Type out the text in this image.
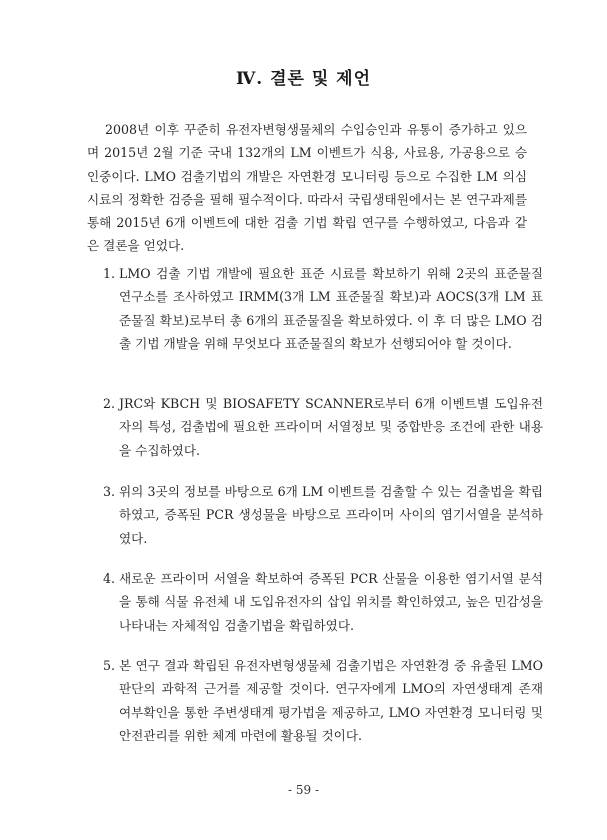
Ⅳ. 결론 및 제언

2008년 이후 꾸준히 유전자변형생물체의 수입승인과 유통이 증가하고 있으며 2015년 2월 기준 국내 132개의 LM 이벤트가 식용, 사료용, 가공용으로 승인중이다. LMO 검출기법의 개발은 자연환경 모니터링 등으로 수집한 LM 의심시료의 정확한 검증을 필해 필수적이다. 따라서 국립생태원에서는 본 연구과제를 통해 2015년 6개 이벤트에 대한 검출 기법 확립 연구를 수행하였고, 다음과 같은 결론을 얻었다.

1. LMO 검출 기법 개발에 필요한 표준 시료를 확보하기 위해 2곳의 표준물질 연구소를 조사하였고 IRMM(3개 LM 표준물질 확보)과 AOCS(3개 LM 표준물질 확보)로부터 총 6개의 표준물질을 확보하였다. 이 후 더 많은 LMO 검출 기법 개발을 위해 무엇보다 표준물질의 확보가 선행되어야 할 것이다.
2. JRC와 KBCH 및 BIOSAFETY SCANNER로부터 6개 이벤트별 도입유전자의 특성, 검출법에 필요한 프라이머 서열정보 및 중합반응 조건에 관한 내용을 수집하였다.
3. 위의 3곳의 정보를 바탕으로 6개 LM 이벤트를 검출할 수 있는 검출법을 확립하였고, 증폭된 PCR 생성물을 바탕으로 프라이머 사이의 염기서열을 분석하였다.
4. 새로운 프라이머 서열을 확보하여 증폭된 PCR 산물을 이용한 염기서열 분석을 통해 식물 유전체 내 도입유전자의 삽입 위치를 확인하였고, 높은 민감성을 나타내는 자체적임 검출기법을 확립하였다.
5. 본 연구 결과 확립된 유전자변형생물체 검출기법은 자연환경 중 유출된 LMO 판단의 과학적 근거를 제공할 것이다. 연구자에게 LMO의 자연생태계 존재 여부확인을 통한 주변생태계 평가법을 제공하고, LMO 자연환경 모니터링 및 안전관리를 위한 체계 마련에 활용될 것이다.
- 59 -
